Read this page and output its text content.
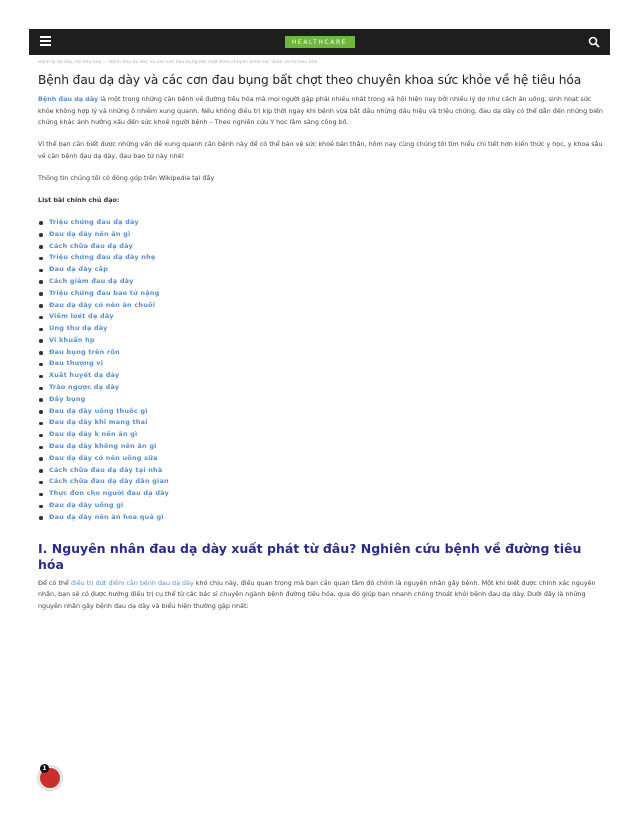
HEALTHCARE
Bệnh lý dạ dày, hệ tiêu hóa › Bệnh đau dạ dày và các cơn đau bụng bất chợt theo chuyên khoa sức khỏe về hệ tiêu hóa
Bệnh đau dạ dày và các cơn đau bụng bất chợt theo chuyên khoa sức khỏe về hệ tiêu hóa

Bệnh đau dạ dày là một trong những căn bệnh về đường tiêu hóa mà mọi người gặp phải nhiều nhất trong xã hội hiện nay bởi nhiều lý do như cách ăn uống, sinh hoạt sức khỏe không hợp lý và những ô nhiễm xung quanh. Nếu không điều trị kịp thời ngay khi bệnh vừa bắt đầu những dấu hiệu và triệu chứng, đau dạ dày có thể dẫn đến những biến chứng khác ảnh hưởng xấu đến sức khoẻ người bệnh – Theo nghiên cứu Y học lâm sàng công bố.

Vì thế bạn cần biết được những vấn đề xung quanh căn bệnh này để có thể bảo vệ sức khoẻ bản thân, hôm nay cùng chúng tôi tìm hiểu chi tiết hơn kiến thức y học, y khoa sâu về căn bệnh đau dạ dày, đau bao tử này nhé!

Thông tin chúng tôi có đóng góp trên Wikipedia tại đây

List bài chính chủ đạo:

Triệu chứng đau dạ dày
Đau dạ dày nên ăn gì
Cách chữa đau dạ dày
Triệu chứng đau dạ dày nhẹ
Đau dạ dày cấp
Cách giảm đau dạ dày
Triệu chứng đau bao tử nặng
Đau dạ dày có nên ăn chuối
Viêm loét dạ dày
Ung thư dạ dày
Vi khuẩn hp
Đau bụng trên rốn
Đau thượng vị
Xuất huyết dạ dày
Trào ngược dạ dày
Đầy bụng
Đau dạ dày uống thuốc gì
Đau dạ dày khi mang thai
Đau dạ dày k nên ăn gì
Đau dạ dày không nên ăn gì
Đau dạ dày có nên uống sữa
Cách chữa đau dạ dày tại nhà
Cách chữa đau dạ dày dân gian
Thực đơn cho người đau dạ dày
Đau dạ dày uống gì
Đau dạ dày nên ăn hoa quả gì
I. Nguyên nhân đau dạ dày xuất phát từ đâu? Nghiên cứu bệnh về đường tiêu hóa

Để có thể điều trị dứt điểm căn bệnh đau dạ dày khó chịu này, điều quan trọng mà bạn cần quan tâm đó chính là nguyên nhân gây bệnh. Một khi biết được chính xác nguyên nhân, bạn sẽ có được hướng điều trị cụ thể từ các bác sĩ chuyên ngành bệnh đường tiêu hóa, qua đó giúp bạn nhanh chóng thoát khỏi bệnh đau dạ dày. Dưới đây là những nguyên nhân gây bệnh đau dạ dày và biểu hiện thường gặp nhất:

1
